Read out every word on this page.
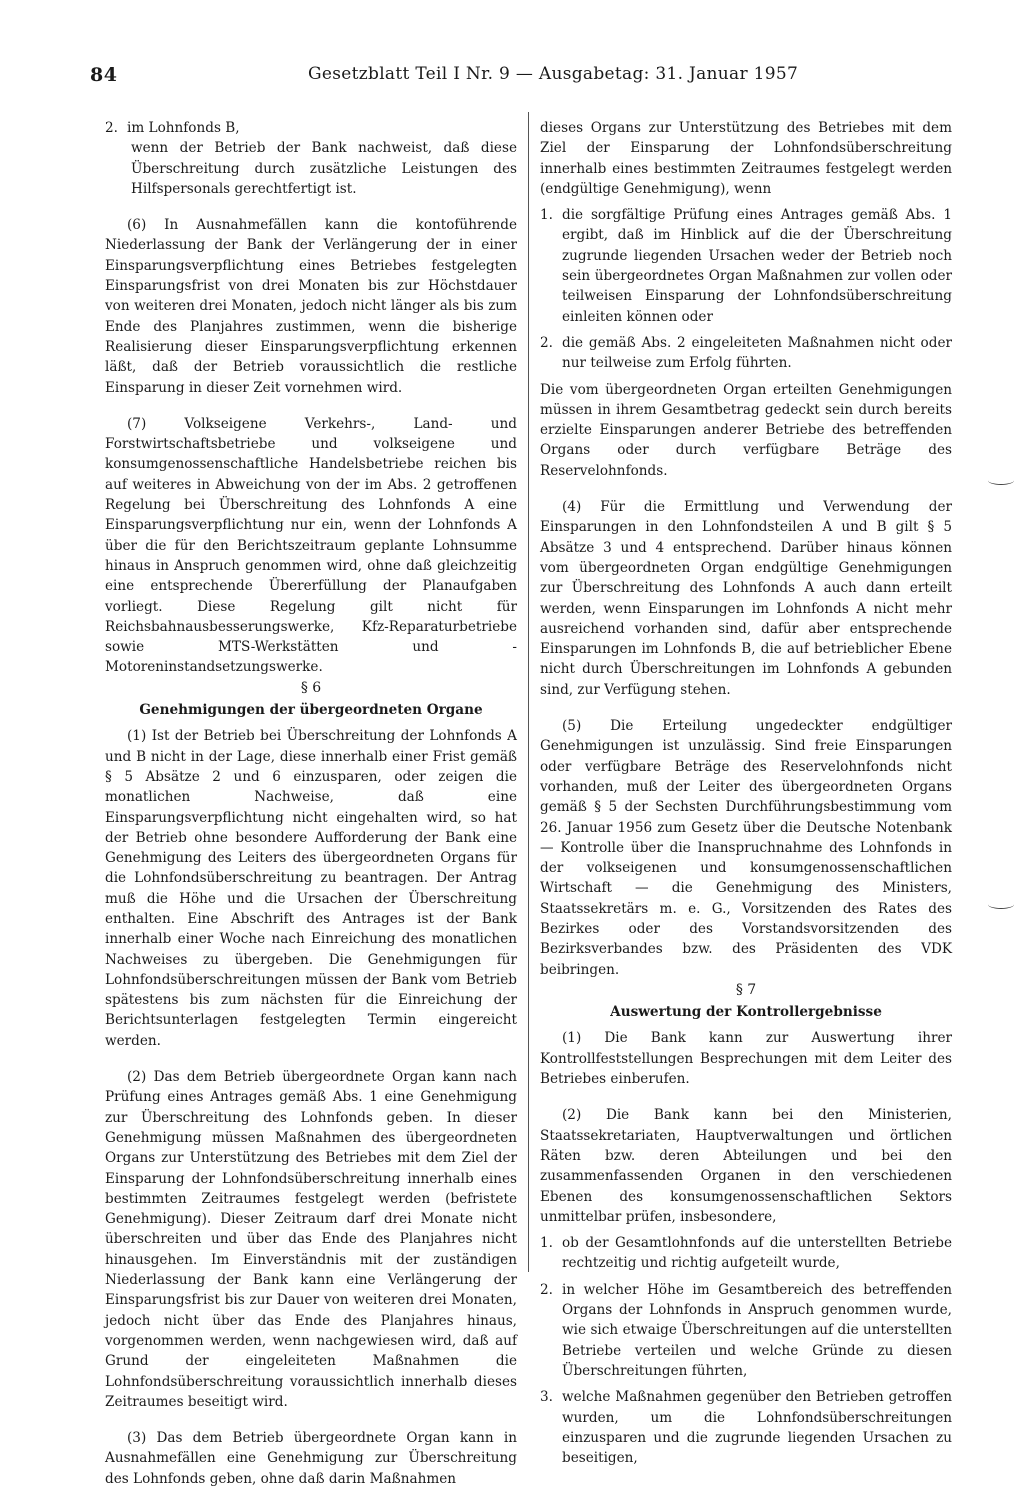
84	Gesetzblatt Teil I Nr. 9 — Ausgabetag: 31. Januar 1957
2. im Lohnfonds B,

wenn der Betrieb der Bank nachweist, daß diese Überschreitung durch zusätzliche Leistungen des Hilfspersonals gerechtfertigt ist.

(6) In Ausnahmefällen kann die kontoführende Niederlassung der Bank der Verlängerung der in einer Einsparungsverpflichtung eines Betriebes festgelegten Einsparungsfrist von drei Monaten bis zur Höchstdauer von weiteren drei Monaten, jedoch nicht länger als bis zum Ende des Planjahres zustimmen, wenn die bisherige Realisierung dieser Einsparungsverpflichtung erkennen läßt, daß der Betrieb voraussichtlich die restliche Einsparung in dieser Zeit vornehmen wird.

(7) Volkseigene Verkehrs-, Land- und Forstwirtschaftsbetriebe und volkseigene und konsumgenossenschaftliche Handelsbetriebe reichen bis auf weiteres in Abweichung von der im Abs. 2 getroffenen Regelung bei Überschreitung des Lohnfonds A eine Einsparungsverpflichtung nur ein, wenn der Lohnfonds A über die für den Berichtszeitraum geplante Lohnsumme hinaus in Anspruch genommen wird, ohne daß gleichzeitig eine entsprechende Übererfüllung der Planaufgaben vorliegt. Diese Regelung gilt nicht für Reichsbahnausbesserungswerke, Kfz-Reparaturbetriebe sowie MTS-Werkstätten und -Motoreninstandsetzungswerke.

§ 6

Genehmigungen der übergeordneten Organe

(1) Ist der Betrieb bei Überschreitung der Lohnfonds A und B nicht in der Lage, diese innerhalb einer Frist gemäß § 5 Absätze 2 und 6 einzusparen, oder zeigen die monatlichen Nachweise, daß eine Einsparungsverpflichtung nicht eingehalten wird, so hat der Betrieb ohne besondere Aufforderung der Bank eine Genehmigung des Leiters des übergeordneten Organs für die Lohnfondsüberschreitung zu beantragen. Der Antrag muß die Höhe und die Ursachen der Überschreitung enthalten. Eine Abschrift des Antrages ist der Bank innerhalb einer Woche nach Einreichung des monatlichen Nachweises zu übergeben. Die Genehmigungen für Lohnfondsüberschreitungen müssen der Bank vom Betrieb spätestens bis zum nächsten für die Einreichung der Berichtsunterlagen festgelegten Termin eingereicht werden.

(2) Das dem Betrieb übergeordnete Organ kann nach Prüfung eines Antrages gemäß Abs. 1 eine Genehmigung zur Überschreitung des Lohnfonds geben. In dieser Genehmigung müssen Maßnahmen des übergeordneten Organs zur Unterstützung des Betriebes mit dem Ziel der Einsparung der Lohnfondsüberschreitung innerhalb eines bestimmten Zeitraumes festgelegt werden (befristete Genehmigung). Dieser Zeitraum darf drei Monate nicht überschreiten und über das Ende des Planjahres nicht hinausgehen. Im Einverständnis mit der zuständigen Niederlassung der Bank kann eine Verlängerung der Einsparungsfrist bis zur Dauer von weiteren drei Monaten, jedoch nicht über das Ende des Planjahres hinaus, vorgenommen werden, wenn nachgewiesen wird, daß auf Grund der eingeleiteten Maßnahmen die Lohnfondsüberschreitung voraussichtlich innerhalb dieses Zeitraumes beseitigt wird.

(3) Das dem Betrieb übergeordnete Organ kann in Ausnahmefällen eine Genehmigung zur Überschreitung des Lohnfonds geben, ohne daß darin Maßnahmen

dieses Organs zur Unterstützung des Betriebes mit dem Ziel der Einsparung der Lohnfondsüberschreitung innerhalb eines bestimmten Zeitraumes festgelegt werden (endgültige Genehmigung), wenn

1. die sorgfältige Prüfung eines Antrages gemäß Abs. 1 ergibt, daß im Hinblick auf die der Überschreitung zugrunde liegenden Ursachen weder der Betrieb noch sein übergeordnetes Organ Maßnahmen zur vollen oder teilweisen Einsparung der Lohnfondsüberschreitung einleiten können oder
2. die gemäß Abs. 2 eingeleiteten Maßnahmen nicht oder nur teilweise zum Erfolg führten.

Die vom übergeordneten Organ erteilten Genehmigungen müssen in ihrem Gesamtbetrag gedeckt sein durch bereits erzielte Einsparungen anderer Betriebe des betreffenden Organs oder durch verfügbare Beträge des Reservelohnfonds.

(4) Für die Ermittlung und Verwendung der Einsparungen in den Lohnfondsteilen A und B gilt § 5 Absätze 3 und 4 entsprechend. Darüber hinaus können vom übergeordneten Organ endgültige Genehmigungen zur Überschreitung des Lohnfonds A auch dann erteilt werden, wenn Einsparungen im Lohnfonds A nicht mehr ausreichend vorhanden sind, dafür aber entsprechende Einsparungen im Lohnfonds B, die auf betrieblicher Ebene nicht durch Überschreitungen im Lohnfonds A gebunden sind, zur Verfügung stehen.

(5) Die Erteilung ungedeckter endgültiger Genehmigungen ist unzulässig. Sind freie Einsparungen oder verfügbare Beträge des Reservelohnfonds nicht vorhanden, muß der Leiter des übergeordneten Organs gemäß § 5 der Sechsten Durchführungsbestimmung vom 26. Januar 1956 zum Gesetz über die Deutsche Notenbank — Kontrolle über die Inanspruchnahme des Lohnfonds in der volkseigenen und konsumgenossenschaftlichen Wirtschaft — die Genehmigung des Ministers, Staatssekretärs m. e. G., Vorsitzenden des Rates des Bezirkes oder des Vorstandsvorsitzenden des Bezirksverbandes bzw. des Präsidenten des VDK beibringen.

§ 7

Auswertung der Kontrollergebnisse

(1) Die Bank kann zur Auswertung ihrer Kontrollfeststellungen Besprechungen mit dem Leiter des Betriebes einberufen.

(2) Die Bank kann bei den Ministerien, Staatssekretariaten, Hauptverwaltungen und örtlichen Räten bzw. deren Abteilungen und bei den zusammenfassenden Organen in den verschiedenen Ebenen des konsumgenossenschaftlichen Sektors unmittelbar prüfen, insbesondere,

1. ob der Gesamtlohnfonds auf die unterstellten Betriebe rechtzeitig und richtig aufgeteilt wurde,
2. in welcher Höhe im Gesamtbereich des betreffenden Organs der Lohnfonds in Anspruch genommen wurde, wie sich etwaige Überschreitungen auf die unterstellten Betriebe verteilen und welche Gründe zu diesen Überschreitungen führten,
3. welche Maßnahmen gegenüber den Betrieben getroffen wurden, um die Lohnfondsüberschreitungen einzusparen und die zugrunde liegenden Ursachen zu beseitigen,
